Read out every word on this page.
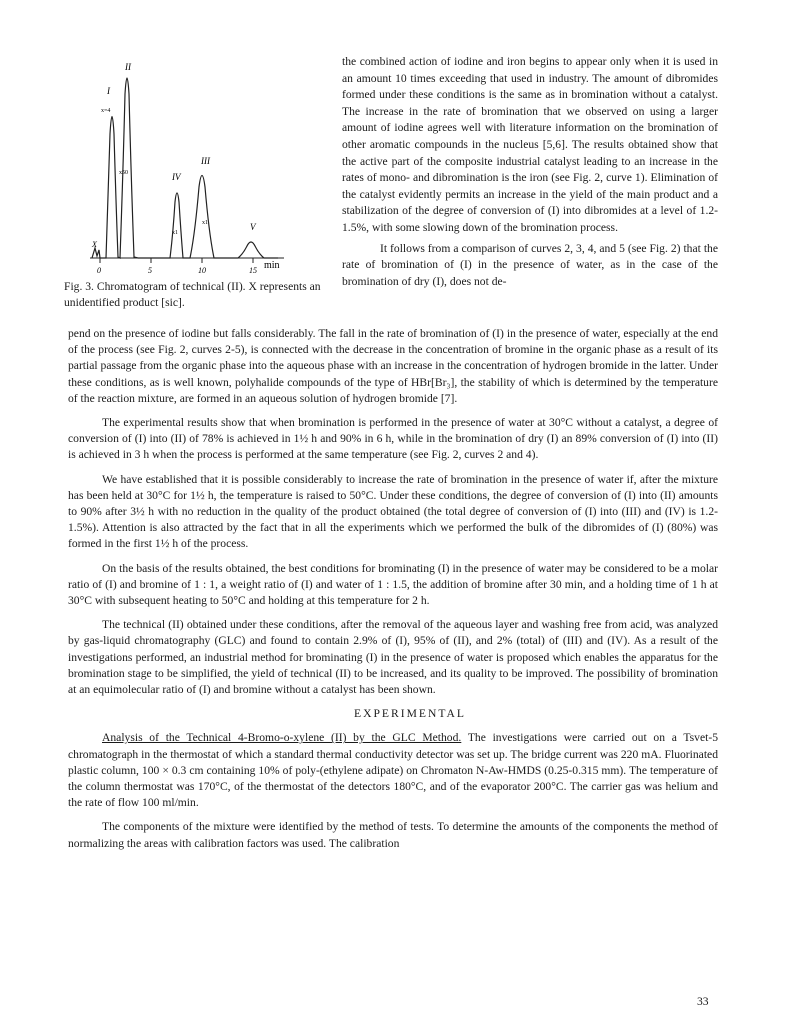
I
II
IV
III
V
X
x=4
x50
x1
x1
0	5	10	15 min
Fig. 3. Chromatogram of technical (II). X represents an unidentified product [sic].

the combined action of iodine and iron begins to appear only when it is used in an amount 10 times exceeding that used in industry. The amount of dibromides formed under these conditions is the same as in bromination without a catalyst. The increase in the rate of bromination that we observed on using a larger amount of iodine agrees well with literature information on the bromination of other aromatic compounds in the nucleus [5,6]. The results obtained show that the active part of the composite industrial catalyst leading to an increase in the rates of mono- and dibromination is the iron (see Fig. 2, curve 1). Elimination of the catalyst evidently permits an increase in the yield of the main product and a stabilization of the degree of conversion of (I) into dibromides at a level of 1.2-1.5%, with some slowing down of the bromination process.

It follows from a comparison of curves 2, 3, 4, and 5 (see Fig. 2) that the rate of bromination of (I) in the presence of water, as in the case of the bromination of dry (I), does not de-

pend on the presence of iodine but falls considerably. The fall in the rate of bromination of (I) in the presence of water, especially at the end of the process (see Fig. 2, curves 2-5), is connected with the decrease in the concentration of bromine in the organic phase as a result of its partial passage from the organic phase into the aqueous phase with an increase in the concentration of hydrogen bromide in the latter. Under these conditions, as is well known, polyhalide compounds of the type of HBr[Br₃], the stability of which is determined by the temperature of the reaction mixture, are formed in an aqueous solution of hydrogen bromide [7].

The experimental results show that when bromination is performed in the presence of water at 30°C without a catalyst, a degree of conversion of (I) into (II) of 78% is achieved in 1½ h and 90% in 6 h, while in the bromination of dry (I) an 89% conversion of (I) into (II) is achieved in 3 h when the process is performed at the same temperature (see Fig. 2, curves 2 and 4).

We have established that it is possible considerably to increase the rate of bromination in the presence of water if, after the mixture has been held at 30°C for 1½ h, the temperature is raised to 50°C. Under these conditions, the degree of conversion of (I) into (II) amounts to 90% after 3½ h with no reduction in the quality of the product obtained (the total degree of conversion of (I) into (III) and (IV) is 1.2-1.5%). Attention is also attracted by the fact that in all the experiments which we performed the bulk of the dibromides of (I) (80%) was formed in the first 1½ h of the process.

On the basis of the results obtained, the best conditions for brominating (I) in the presence of water may be considered to be a molar ratio of (I) and bromine of 1 : 1, a weight ratio of (I) and water of 1 : 1.5, the addition of bromine after 30 min, and a holding time of 1 h at 30°C with subsequent heating to 50°C and holding at this temperature for 2 h.

The technical (II) obtained under these conditions, after the removal of the aqueous layer and washing free from acid, was analyzed by gas-liquid chromatography (GLC) and found to contain 2.9% of (I), 95% of (II), and 2% (total) of (III) and (IV). As a result of the investigations performed, an industrial method for brominating (I) in the presence of water is proposed which enables the apparatus for the bromination stage to be simplified, the yield of technical (II) to be increased, and its quality to be improved. The possibility of bromination at an equimolecular ratio of (I) and bromine without a catalyst has been shown.

EXPERIMENTAL

Analysis of the Technical 4-Bromo-o-xylene (II) by the GLC Method. The investigations were carried out on a Tsvet-5 chromatograph in the thermostat of which a standard thermal conductivity detector was set up. The bridge current was 220 mA. Fluorinated plastic column, 100 × 0.3 cm containing 10% of poly-(ethylene adipate) on Chromaton N-Aw-HMDS (0.25-0.315 mm). The temperature of the column thermostat was 170°C, of the thermostat of the detectors 180°C, and of the evaporator 200°C. The carrier gas was helium and the rate of flow 100 ml/min.

The components of the mixture were identified by the method of tests. To determine the amounts of the components the method of normalizing the areas with calibration factors was used. The calibration

33
